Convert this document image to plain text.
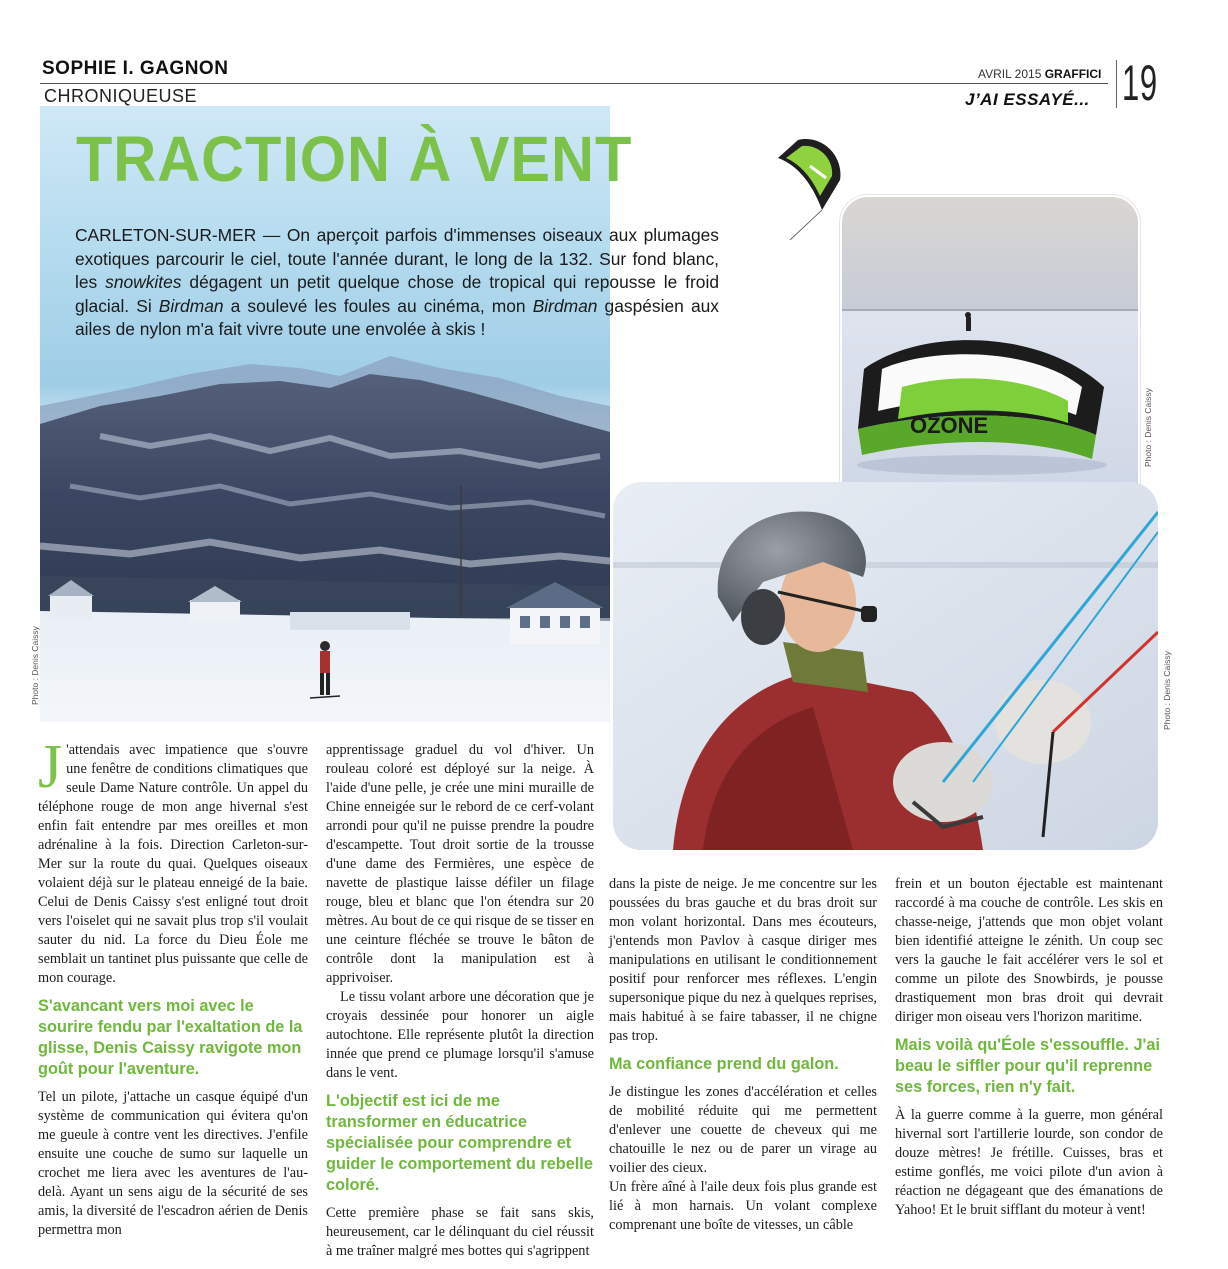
SOPHIE I. GAGNON
CHRONIQUEUSE
AVRIL 2015 GRAFFICI 19
J’AI ESSAYÉ...
TRACTION À VENT
CARLETON-SUR-MER — On aperçoit parfois d'immenses oiseaux aux plumages exotiques parcourir le ciel, toute l'année durant, le long de la 132. Sur fond blanc, les snowkites dégagent un petit quelque chose de tropical qui repousse le froid glacial. Si Birdman a soulevé les foules au cinéma, mon Birdman gaspésien aux ailes de nylon m'a fait vivre toute une envolée à skis !
Photo : Denis Caissy
Photo : Denis Caissy
Photo : Denis Caissy
OZONE

J 'attendais avec impatience que s'ouvre une fenêtre de conditions climatiques que seule Dame Nature contrôle. Un appel du téléphone rouge de mon ange hivernal s'est enfin fait entendre par mes oreilles et mon adrénaline à la fois. Direction Carleton-sur-Mer sur la route du quai. Quelques oiseaux volaient déjà sur le plateau enneigé de la baie. Celui de Denis Caissy s'est enligné tout droit vers l'oiselet qui ne savait plus trop s'il voulait sauter du nid. La force du Dieu Éole me semblait un tantinet plus puissante que celle de mon courage.

S'avancant vers moi avec le sourire fendu par l'exaltation de la glisse, Denis Caissy ravigote mon goût pour l'aventure.

Tel un pilote, j'attache un casque équipé d'un système de communication qui évitera qu'on me gueule à contre vent les directives. J'enfile ensuite une couche de sumo sur laquelle un crochet me liera avec les aventures de l'au-delà. Ayant un sens aigu de la sécurité de ses amis, la diversité de l'escadron aérien de Denis permettra mon

apprentissage graduel du vol d'hiver. Un rouleau coloré est déployé sur la neige. À l'aide d'une pelle, je crée une mini muraille de Chine enneigée sur le rebord de ce cerf-volant arrondi pour qu'il ne puisse prendre la poudre d'escampette. Tout droit sortie de la trousse d'une dame des Fermières, une espèce de navette de plastique laisse défiler un filage rouge, bleu et blanc que l'on étendra sur 20 mètres. Au bout de ce qui risque de se tisser en une ceinture fléchée se trouve le bâton de contrôle dont la manipulation est à apprivoiser.

Le tissu volant arbore une décoration que je croyais dessinée pour honorer un aigle autochtone. Elle représente plutôt la direction innée que prend ce plumage lorsqu'il s'amuse dans le vent.

L'objectif est ici de me transformer en éducatrice spécialisée pour comprendre et guider le comportement du rebelle coloré.

Cette première phase se fait sans skis, heureusement, car le délinquant du ciel réussit à me traîner malgré mes bottes qui s'agrippent

dans la piste de neige. Je me concentre sur les poussées du bras gauche et du bras droit sur mon volant horizontal. Dans mes écouteurs, j'entends mon Pavlov à casque diriger mes manipulations en utilisant le conditionnement positif pour renforcer mes réflexes. L'engin supersonique pique du nez à quelques reprises, mais habitué à se faire tabasser, il ne chigne pas trop.

Ma confiance prend du galon.

Je distingue les zones d'accélération et celles de mobilité réduite qui me permettent d'enlever une couette de cheveux qui me chatouille le nez ou de parer un virage au voilier des cieux.

Un frère aîné à l'aile deux fois plus grande est lié à mon harnais. Un volant complexe comprenant une boîte de vitesses, un câble

frein et un bouton éjectable est maintenant raccordé à ma couche de contrôle. Les skis en chasse-neige, j'attends que mon objet volant bien identifié atteigne le zénith. Un coup sec vers la gauche le fait accélérer vers le sol et comme un pilote des Snowbirds, je pousse drastiquement mon bras droit qui devrait diriger mon oiseau vers l'horizon maritime.

Mais voilà qu'Éole s'essouffle. J'ai beau le siffler pour qu'il reprenne ses forces, rien n'y fait.

À la guerre comme à la guerre, mon général hivernal sort l'artillerie lourde, son condor de douze mètres! Je frétille. Cuisses, bras et estime gonflés, me voici pilote d'un avion à réaction ne dégageant que des émanations de Yahoo! Et le bruit sifflant du moteur à vent!
